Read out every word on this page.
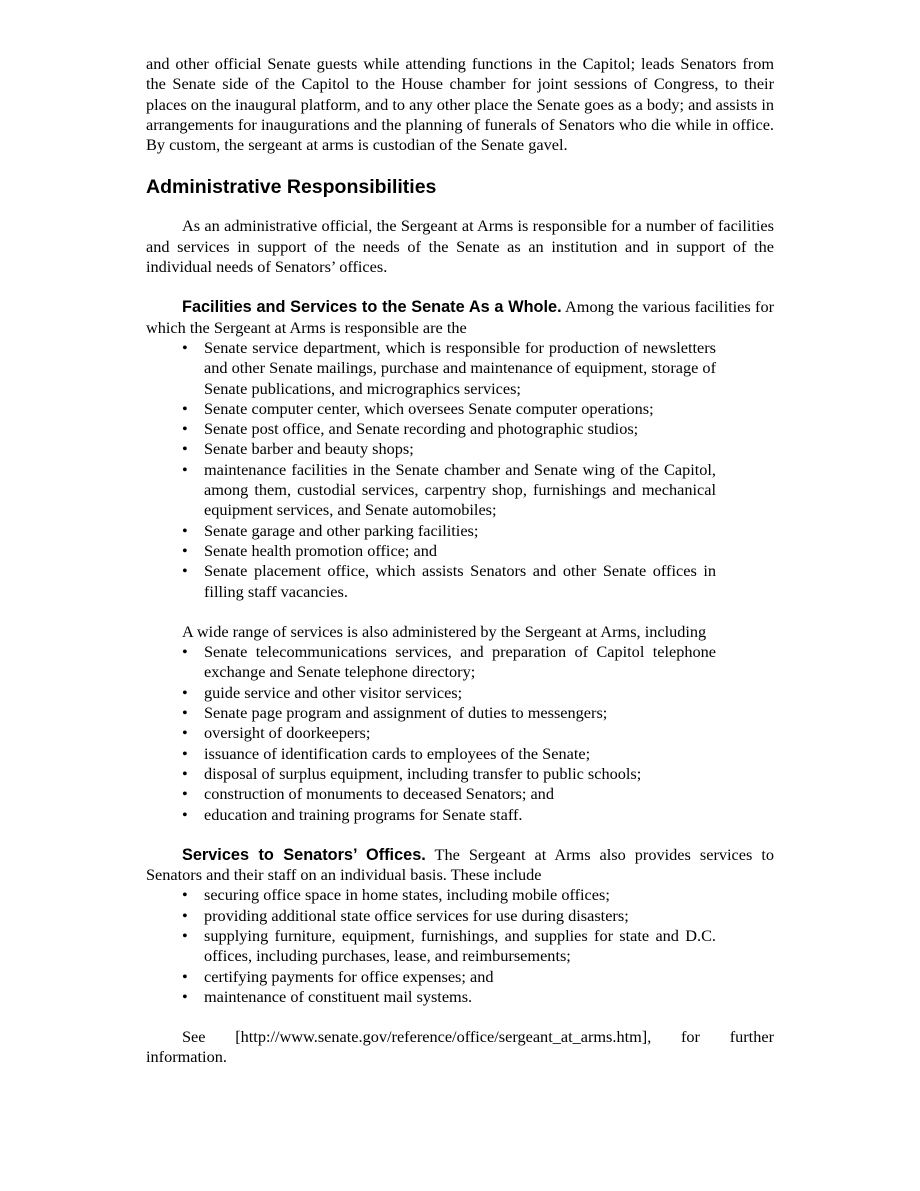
and other official Senate guests while attending functions in the Capitol; leads Senators from the Senate side of the Capitol to the House chamber for joint sessions of Congress, to their places on the inaugural platform, and to any other place the Senate goes as a body; and assists in arrangements for inaugurations and the planning of funerals of Senators who die while in office. By custom, the sergeant at arms is custodian of the Senate gavel.

Administrative Responsibilities

As an administrative official, the Sergeant at Arms is responsible for a number of facilities and services in support of the needs of the Senate as an institution and in support of the individual needs of Senators’ offices.

Facilities and Services to the Senate As a Whole. Among the various facilities for which the Sergeant at Arms is responsible are the

• Senate service department, which is responsible for production of newsletters and other Senate mailings, purchase and maintenance of equipment, storage of Senate publications, and micrographics services;
• Senate computer center, which oversees Senate computer operations;
• Senate post office, and Senate recording and photographic studios;
• Senate barber and beauty shops;
• maintenance facilities in the Senate chamber and Senate wing of the Capitol, among them, custodial services, carpentry shop, furnishings and mechanical equipment services, and Senate automobiles;
• Senate garage and other parking facilities;
• Senate health promotion office; and
• Senate placement office, which assists Senators and other Senate offices in filling staff vacancies.

A wide range of services is also administered by the Sergeant at Arms, including

• Senate telecommunications services, and preparation of Capitol telephone exchange and Senate telephone directory;
• guide service and other visitor services;
• Senate page program and assignment of duties to messengers;
• oversight of doorkeepers;
• issuance of identification cards to employees of the Senate;
• disposal of surplus equipment, including transfer to public schools;
• construction of monuments to deceased Senators; and
• education and training programs for Senate staff.

Services to Senators’ Offices. The Sergeant at Arms also provides services to Senators and their staff on an individual basis. These include

• securing office space in home states, including mobile offices;
• providing additional state office services for use during disasters;
• supplying furniture, equipment, furnishings, and supplies for state and D.C. offices, including purchases, lease, and reimbursements;
• certifying payments for office expenses; and
• maintenance of constituent mail systems.

See [http://www.senate.gov/reference/office/sergeant_at_arms.htm], for further information.
